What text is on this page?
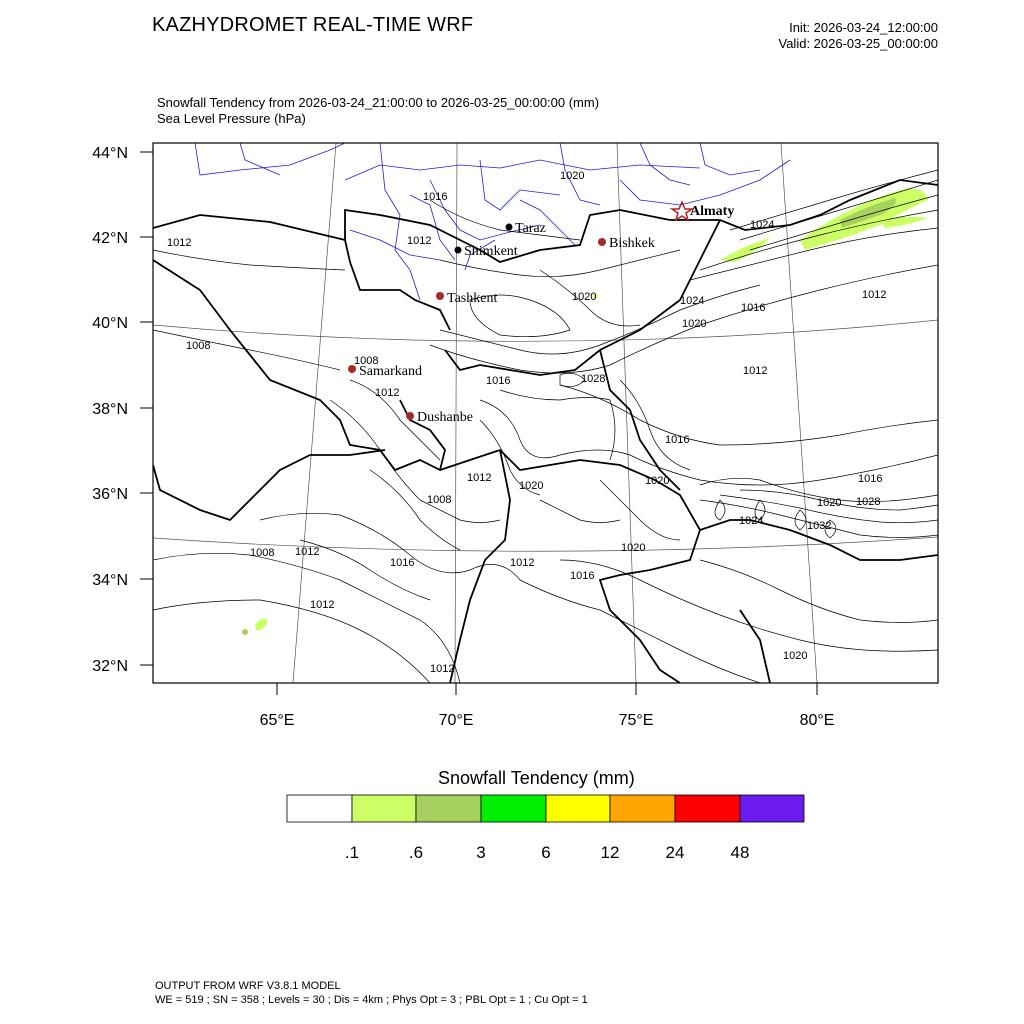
KAZHYDROMET REAL-TIME WRF	Init: 2026-03-24_12:00:00
Valid: 2026-03-25_00:00:00
Snowfall Tendency from 2026-03-24_21:00:00 to 2026-03-25_00:00:00 (mm)
Sea Level Pressure (hPa)
44°N
42°N
40°N
38°N
36°N
34°N
32°N
65°E	70°E	75°E	80°E
1020
1016
1024
1012	1012
1020	1024
1016
1012
1020
1008
1008
1012
1016	1028
1012
1016
1012
1020	1020
1008
1016
1020
1024
1028
1032
1008 1012
1016
1020
1012
1016
1012
1012
1020
Almaty
Taraz
Shimkent
Bishkek
Tashkent
Samarkand
Dushanbe
.1	.6	3	6	12	24	48
Snowfall Tendency (mm)
OUTPUT FROM WRF V3.8.1 MODEL
WE = 519 ; SN = 358 ; Levels = 30 ; Dis = 4km ; Phys Opt = 3 ; PBL Opt = 1 ; Cu Opt = 1
